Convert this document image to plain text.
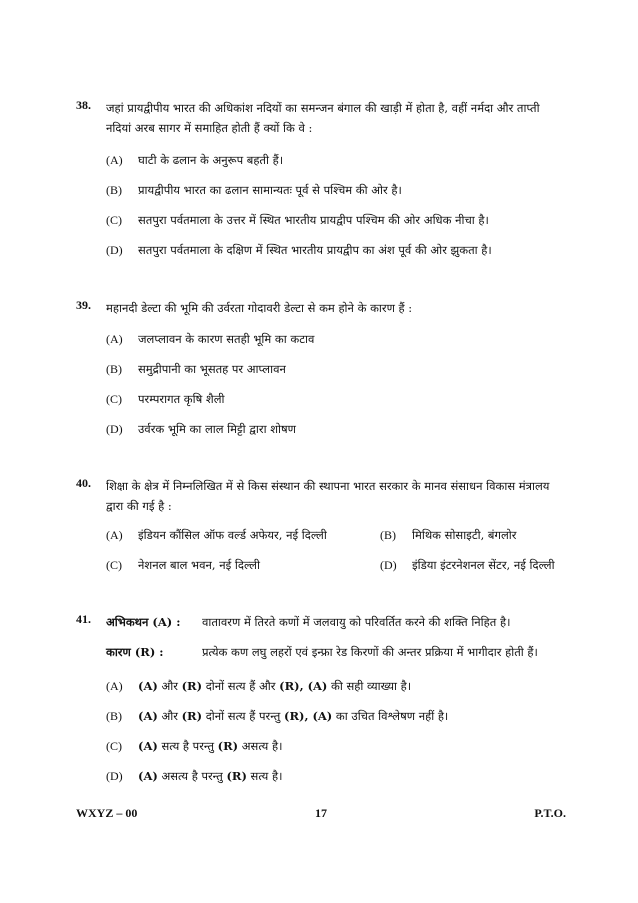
38. जहां प्रायद्वीपीय भारत की अधिकांश नदियों का समन्जन बंगाल की खाड़ी में होता है, वहीं नर्मदा और ताप्ती नदियां अरब सागर में समाहित होती हैं क्यों कि वे :
(A) घाटी के ढलान के अनुरूप बहती हैं।
(B) प्रायद्वीपीय भारत का ढलान सामान्यतः पूर्व से पश्चिम की ओर है।
(C) सतपुरा पर्वतमाला के उत्तर में स्थित भारतीय प्रायद्वीप पश्चिम की ओर अधिक नीचा है।
(D) सतपुरा पर्वतमाला के दक्षिण में स्थित भारतीय प्रायद्वीप का अंश पूर्व की ओर झुकता है।
39. महानदी डेल्टा की भूमि की उर्वरता गोदावरी डेल्टा से कम होने के कारण हैं :
(A) जलप्लावन के कारण सतही भूमि का कटाव
(B) समुद्रीपानी का भूसतह पर आप्लावन
(C) परम्परागत कृषि शैली
(D) उर्वरक भूमि का लाल मिट्टी द्वारा शोषण
40. शिक्षा के क्षेत्र में निम्नलिखित में से किस संस्थान की स्थापना भारत सरकार के मानव संसाधन विकास मंत्रालय द्वारा की गई है :
(A) इंडियन कौंसिल ऑफ वर्ल्ड अफेयर, नई दिल्ली	(B) मिथिक सोसाइटी, बंगलोर
(C) नेशनल बाल भवन, नई दिल्ली	(D) इंडिया इंटरनेशनल सेंटर, नई दिल्ली
41. अभिकथन (A) : वातावरण में तिरते कणों में जलवायु को परिवर्तित करने की शक्ति निहित है।
कारण (R) :	प्रत्येक कण लघु लहरों एवं इन्फ्रा रेड किरणों की अन्तर प्रक्रिया में भागीदार होती हैं।
(A) (A) और (R) दोनों सत्य हैं और (R), (A) की सही व्याख्या है।
(B) (A) और (R) दोनों सत्य हैं परन्तु (R), (A) का उचित विश्लेषण नहीं है।
(C) (A) सत्य है परन्तु (R) असत्य है।
(D) (A) असत्य है परन्तु (R) सत्य है।
WXYZ – 00	17	P.T.O.
